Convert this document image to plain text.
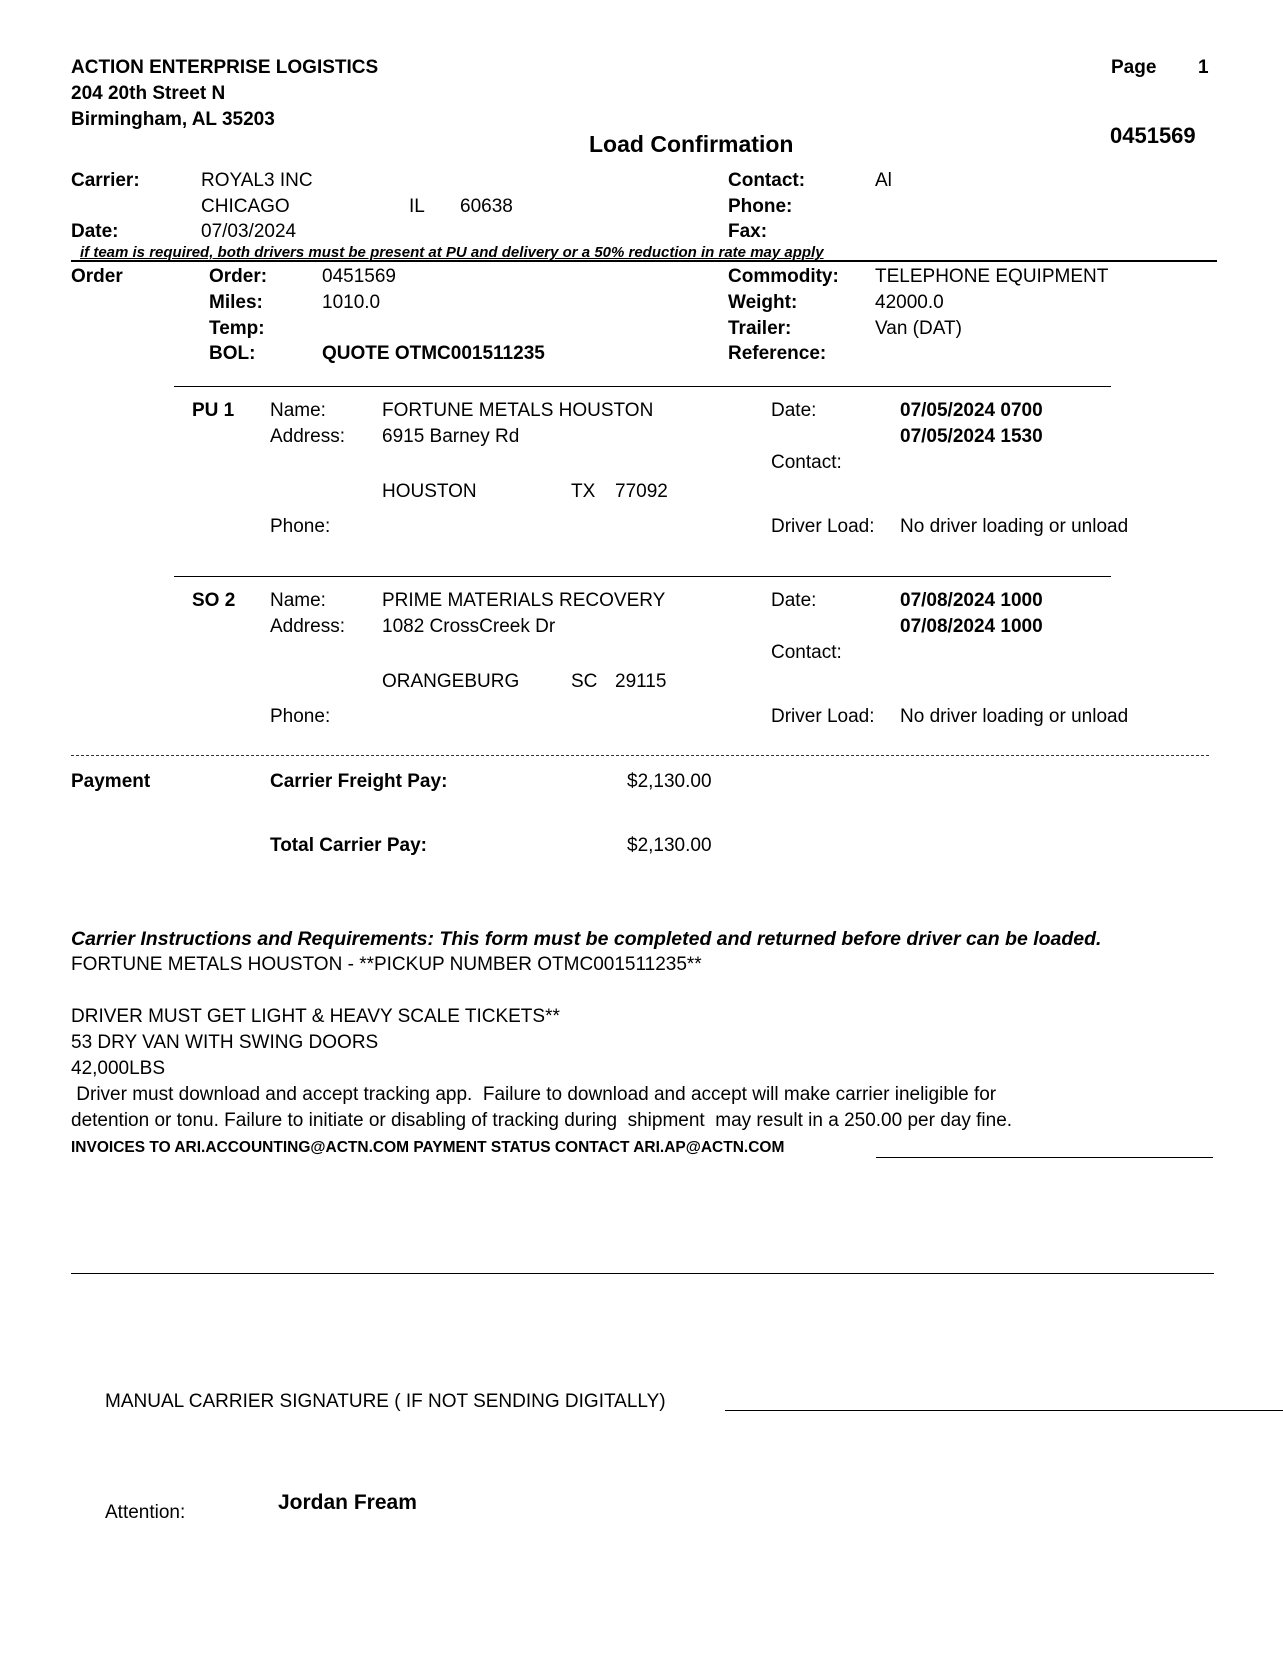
ACTION ENTERPRISE LOGISTICS
204 20th Street N
Birmingham, AL 35203
Page 1
Load Confirmation	0451569
Carrier:	ROYAL3 INC
CHICAGO	IL 60638
Date:	07/03/2024
Contact:	Al
Phone:
Fax:
if team is required, both drivers must be present at PU and delivery or a 50% reduction in rate may apply
Order	Order:	0451569
Miles:	1010.0
Temp:
BOL:	QUOTE OTMC001511235
Commodity: TELEPHONE EQUIPMENT
Weight:	42000.0
Trailer:	Van (DAT)
Reference:
PU 1 Name:	FORTUNE METALS HOUSTON
Address: 6915 Barney Rd
HOUSTON	TX 77092
Phone:
Date:	07/05/2024 0700
07/05/2024 1530
Contact:
Driver Load: No driver loading or unload
SO 2 Name:	PRIME MATERIALS RECOVERY
Address: 1082 CrossCreek Dr
ORANGEBURG	SC 29115
Phone:
Date:	07/08/2024 1000
07/08/2024 1000
Contact:
Driver Load: No driver loading or unload
Payment	Carrier Freight Pay:	$2,130.00
Total Carrier Pay:	$2,130.00
Carrier Instructions and Requirements: This form must be completed and returned before driver can be loaded.
FORTUNE METALS HOUSTON - **PICKUP NUMBER OTMC001511235**
DRIVER MUST GET LIGHT & HEAVY SCALE TICKETS**
53 DRY VAN WITH SWING DOORS
42,000LBS
Driver must download and accept tracking app.  Failure to download and accept will make carrier ineligible for
detention or tonu. Failure to initiate or disabling of tracking during  shipment  may result in a 250.00 per day fine.
INVOICES TO ARI.ACCOUNTING@ACTN.COM PAYMENT STATUS CONTACT ARI.AP@ACTN.COM
MANUAL CARRIER SIGNATURE ( IF NOT SENDING DIGITALLY)
Attention:	Jordan Fream
